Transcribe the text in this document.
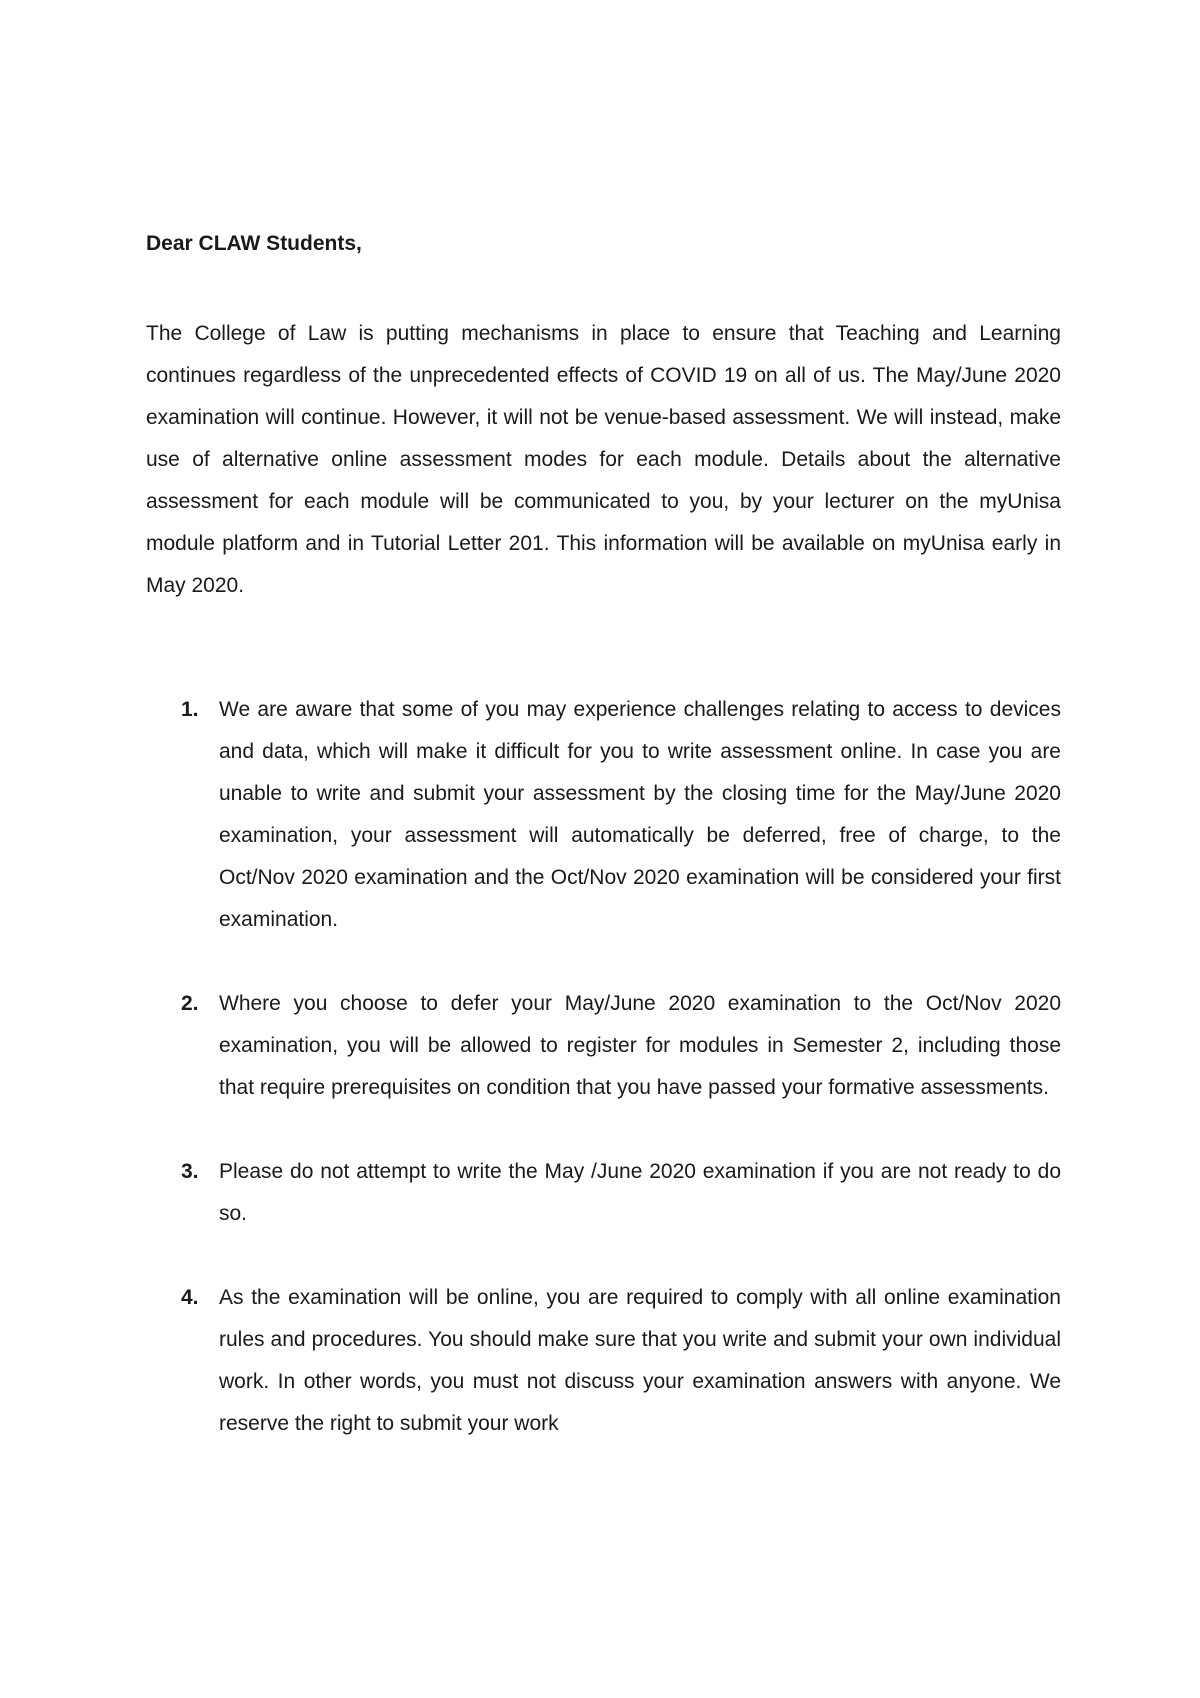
Dear CLAW Students,

The College of Law is putting mechanisms in place to ensure that Teaching and Learning continues regardless of the unprecedented effects of COVID 19 on all of us. The May/June 2020 examination will continue. However, it will not be venue-based assessment. We will instead, make use of alternative online assessment modes for each module. Details about the alternative assessment for each module will be communicated to you, by your lecturer on the myUnisa module platform and in Tutorial Letter 201. This information will be available on myUnisa early in May 2020.

1. We are aware that some of you may experience challenges relating to access to devices and data, which will make it difficult for you to write assessment online. In case you are unable to write and submit your assessment by the closing time for the May/June 2020 examination, your assessment will automatically be deferred, free of charge, to the Oct/Nov 2020 examination and the Oct/Nov 2020 examination will be considered your first examination.
2. Where you choose to defer your May/June 2020 examination to the Oct/Nov 2020 examination, you will be allowed to register for modules in Semester 2, including those that require prerequisites on condition that you have passed your formative assessments.
3. Please do not attempt to write the May /June 2020 examination if you are not ready to do so.
4. As the examination will be online, you are required to comply with all online examination rules and procedures. You should make sure that you write and submit your own individual work. In other words, you must not discuss your examination answers with anyone. We reserve the right to submit your work
